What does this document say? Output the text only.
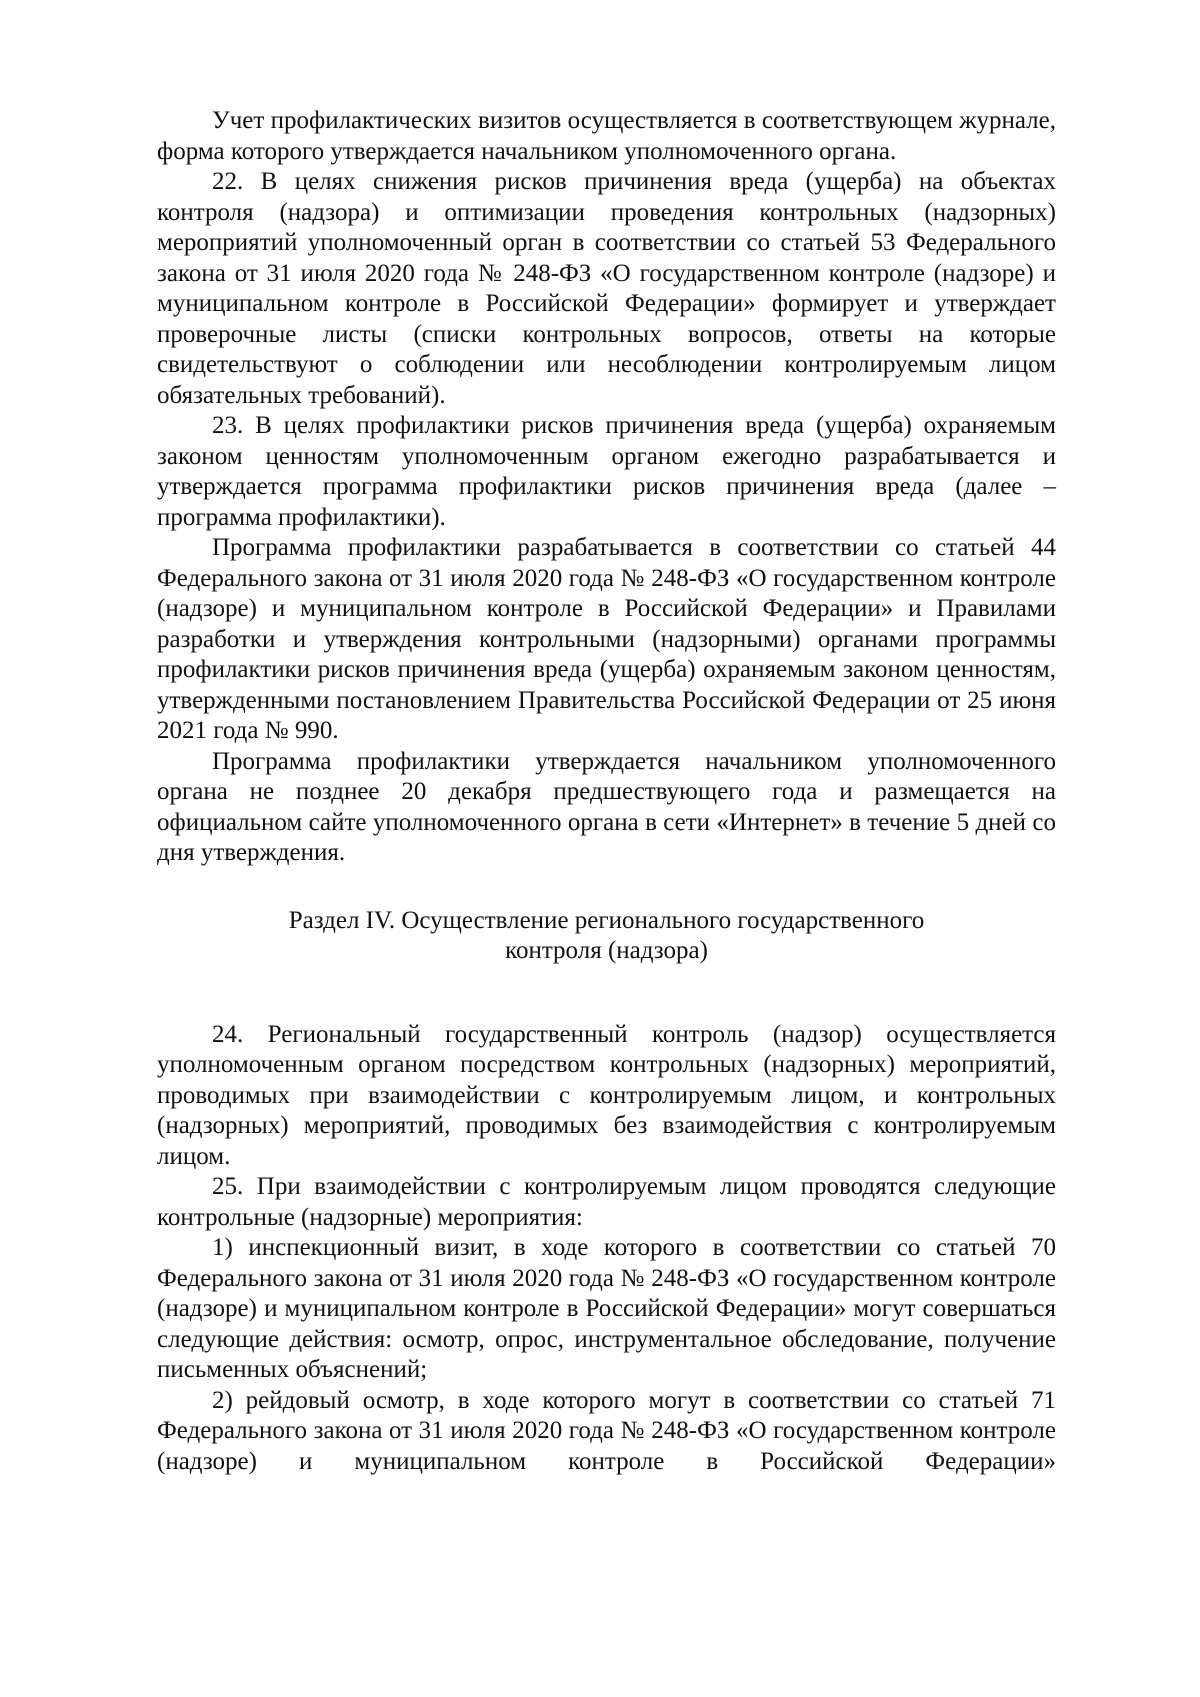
Учет профилактических визитов осуществляется в соответствующем журнале, форма которого утверждается начальником уполномоченного органа.

22. В целях снижения рисков причинения вреда (ущерба) на объектах контроля (надзора) и оптимизации проведения контрольных (надзорных) мероприятий уполномоченный орган в соответствии со статьей 53 Федерального закона от 31 июля 2020 года № 248-ФЗ «О государственном контроле (надзоре) и муниципальном контроле в Российской Федерации» формирует и утверждает проверочные листы (списки контрольных вопросов, ответы на которые свидетельствуют о соблюдении или несоблюдении контролируемым лицом обязательных требований).

23. В целях профилактики рисков причинения вреда (ущерба) охраняемым законом ценностям уполномоченным органом ежегодно разрабатывается и утверждается программа профилактики рисков причинения вреда (далее – программа профилактики).

Программа профилактики разрабатывается в соответствии со статьей 44 Федерального закона от 31 июля 2020 года № 248-ФЗ «О государственном контроле (надзоре) и муниципальном контроле в Российской Федерации» и Правилами разработки и утверждения контрольными (надзорными) органами программы профилактики рисков причинения вреда (ущерба) охраняемым законом ценностям, утвержденными постановлением Правительства Российской Федерации от 25 июня 2021 года № 990.

Программа профилактики утверждается начальником уполномоченного органа не позднее 20 декабря предшествующего года и размещается на официальном сайте уполномоченного органа в сети «Интернет» в течение 5 дней со дня утверждения.

Раздел IV. Осуществление регионального государственного
контроля (надзора)

24. Региональный государственный контроль (надзор) осуществляется уполномоченным органом посредством контрольных (надзорных) мероприятий, проводимых при взаимодействии с контролируемым лицом, и контрольных (надзорных) мероприятий, проводимых без взаимодействия с контролируемым лицом.

25. При взаимодействии с контролируемым лицом проводятся следующие контрольные (надзорные) мероприятия:

1) инспекционный визит, в ходе которого в соответствии со статьей 70 Федерального закона от 31 июля 2020 года № 248-ФЗ «О государственном контроле (надзоре) и муниципальном контроле в Российской Федерации» могут совершаться следующие действия: осмотр, опрос, инструментальное обследование, получение письменных объяснений;

2) рейдовый осмотр, в ходе которого могут в соответствии со статьей 71 Федерального закона от 31 июля 2020 года № 248-ФЗ «О государственном контроле (надзоре) и муниципальном контроле в Российской Федерации»
